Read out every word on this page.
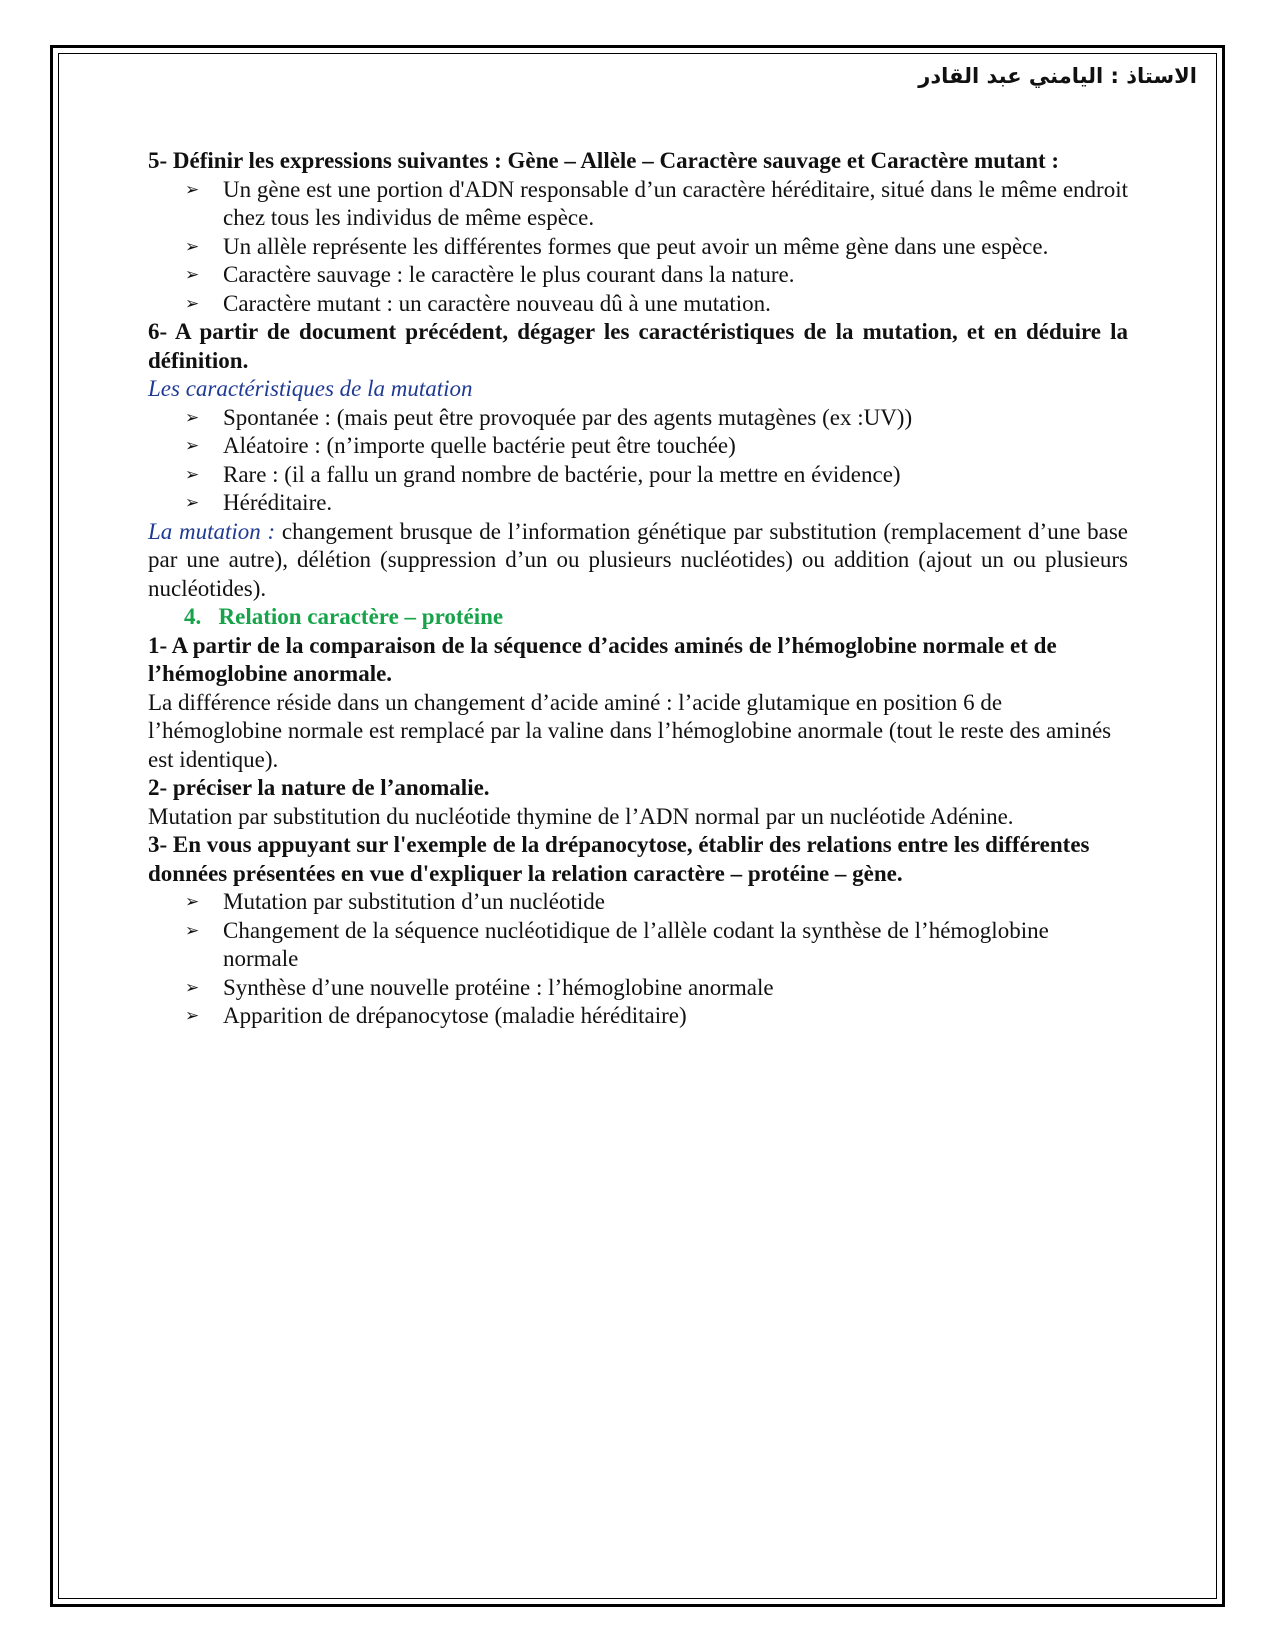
الاستاذ : اليامني عبد القادر

5- Définir les expressions suivantes : Gène – Allèle – Caractère sauvage et Caractère mutant :

➢ Un gène est une portion d'ADN responsable d’un caractère héréditaire, situé dans le même endroit chez tous les individus de même espèce.
➢ Un allèle représente les différentes formes que peut avoir un même gène dans une espèce.
➢ Caractère sauvage : le caractère le plus courant dans la nature.
➢ Caractère mutant : un caractère nouveau dû à une mutation.

6- A partir de document précédent, dégager les caractéristiques de la mutation, et en déduire la définition.

Les caractéristiques de la mutation

➢ Spontanée : (mais peut être provoquée par des agents mutagènes (ex :UV))
➢ Aléatoire : (n’importe quelle bactérie peut être touchée)
➢ Rare : (il a fallu un grand nombre de bactérie, pour la mettre en évidence)
➢ Héréditaire.

La mutation : changement brusque de l’information génétique par substitution (remplacement d’une base par une autre), délétion (suppression d’un ou plusieurs nucléotides) ou addition (ajout un ou plusieurs nucléotides).

4.   Relation caractère – protéine

1- A partir de la comparaison de la séquence d’acides aminés de l’hémoglobine normale et de l’hémoglobine anormale.

La différence réside dans un changement d’acide aminé : l’acide glutamique en position 6 de l’hémoglobine normale est remplacé par la valine dans l’hémoglobine anormale (tout le reste des aminés est identique).

2- préciser la nature de l’anomalie.

Mutation par substitution du nucléotide thymine de l’ADN normal par un nucléotide Adénine.

3- En vous appuyant sur l'exemple de la drépanocytose, établir des relations entre les différentes données présentées en vue d'expliquer la relation caractère – protéine – gène.

➢ Mutation par substitution d’un nucléotide
➢ Changement de la séquence nucléotidique de l’allèle codant la synthèse de l’hémoglobine normale
➢ Synthèse d’une nouvelle protéine : l’hémoglobine anormale
➢ Apparition de drépanocytose (maladie héréditaire)
